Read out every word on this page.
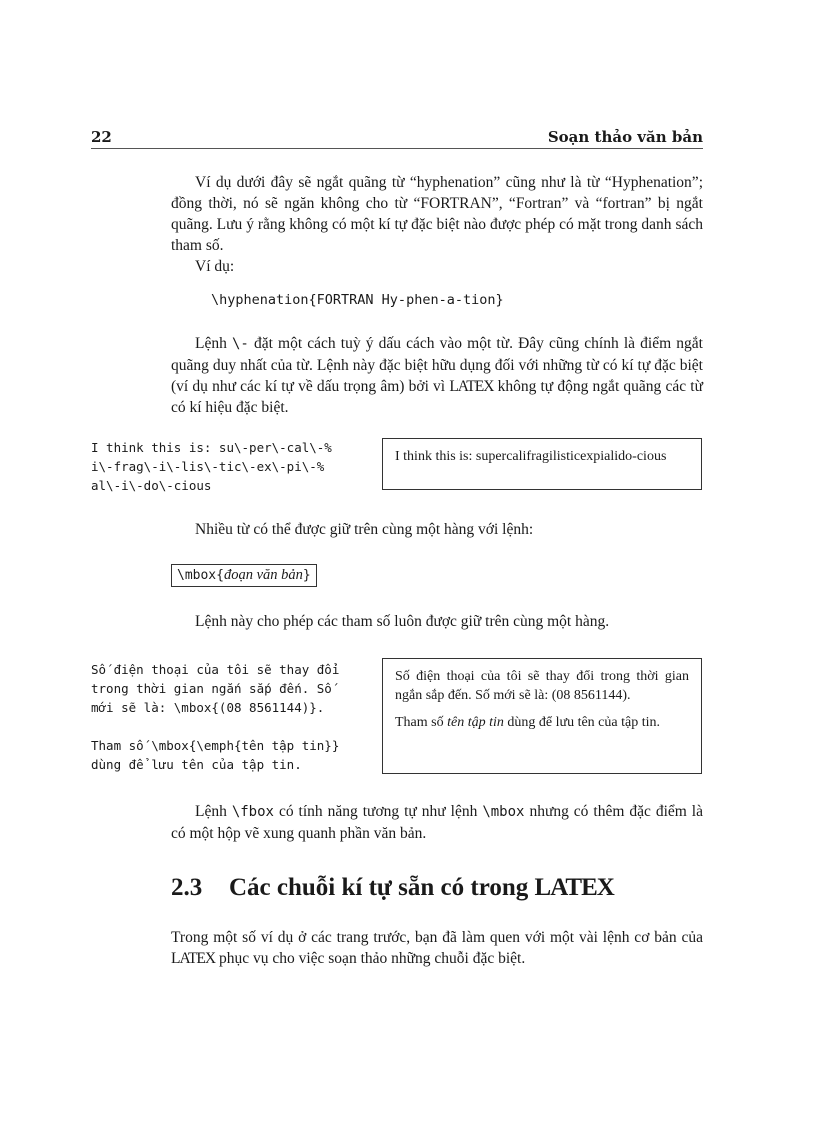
22	Soạn thảo văn bản

Ví dụ dưới đây sẽ ngắt quãng từ “hyphenation” cũng như là từ “Hyphenation”; đồng thời, nó sẽ ngăn không cho từ “FORTRAN”, “Fortran” và “fortran” bị ngắt quãng. Lưu ý rằng không có một kí tự đặc biệt nào được phép có mặt trong danh sách tham số.

Ví dụ:

\hyphenation{FORTRAN Hy-phen-a-tion}

Lệnh \- đặt một cách tuỳ ý dấu cách vào một từ. Đây cũng chính là điểm ngắt quãng duy nhất của từ. Lệnh này đặc biệt hữu dụng đối với những từ có kí tự đặc biệt (ví dụ như các kí tự về dấu trọng âm) bởi vì LATEX không tự động ngắt quãng các từ có kí hiệu đặc biệt.

I think this is: su\-per\-cal\-%
i\-frag\-i\-lis\-tic\-ex\-pi\-%
al\-i\-do\-cious

I think this is: supercalifragilisticexpialido-cious

Nhiều từ có thể được giữ trên cùng một hàng với lệnh:

\mbox{đoạn văn bản}

Lệnh này cho phép các tham số luôn được giữ trên cùng một hàng.

Số điện thoại của tôi sẽ thay đổi
trong thời gian ngắn sắp đến. Số
mới sẽ là: \mbox{(08 8561144)}.

Tham số \mbox{\emph{tên tập tin}}
dùng để lưu tên của tập tin.

Số điện thoại của tôi sẽ thay đổi trong thời gian ngắn sắp đến. Số mới sẽ là: (08 8561144).

Tham số tên tập tin dùng để lưu tên của tập tin.

Lệnh \fbox có tính năng tương tự như lệnh \mbox nhưng có thêm đặc điểm là có một hộp vẽ xung quanh phần văn bản.

2.3 Các chuỗi kí tự sẵn có trong LATEX

Trong một số ví dụ ở các trang trước, bạn đã làm quen với một vài lệnh cơ bản của LATEX phục vụ cho việc soạn thảo những chuỗi đặc biệt.
